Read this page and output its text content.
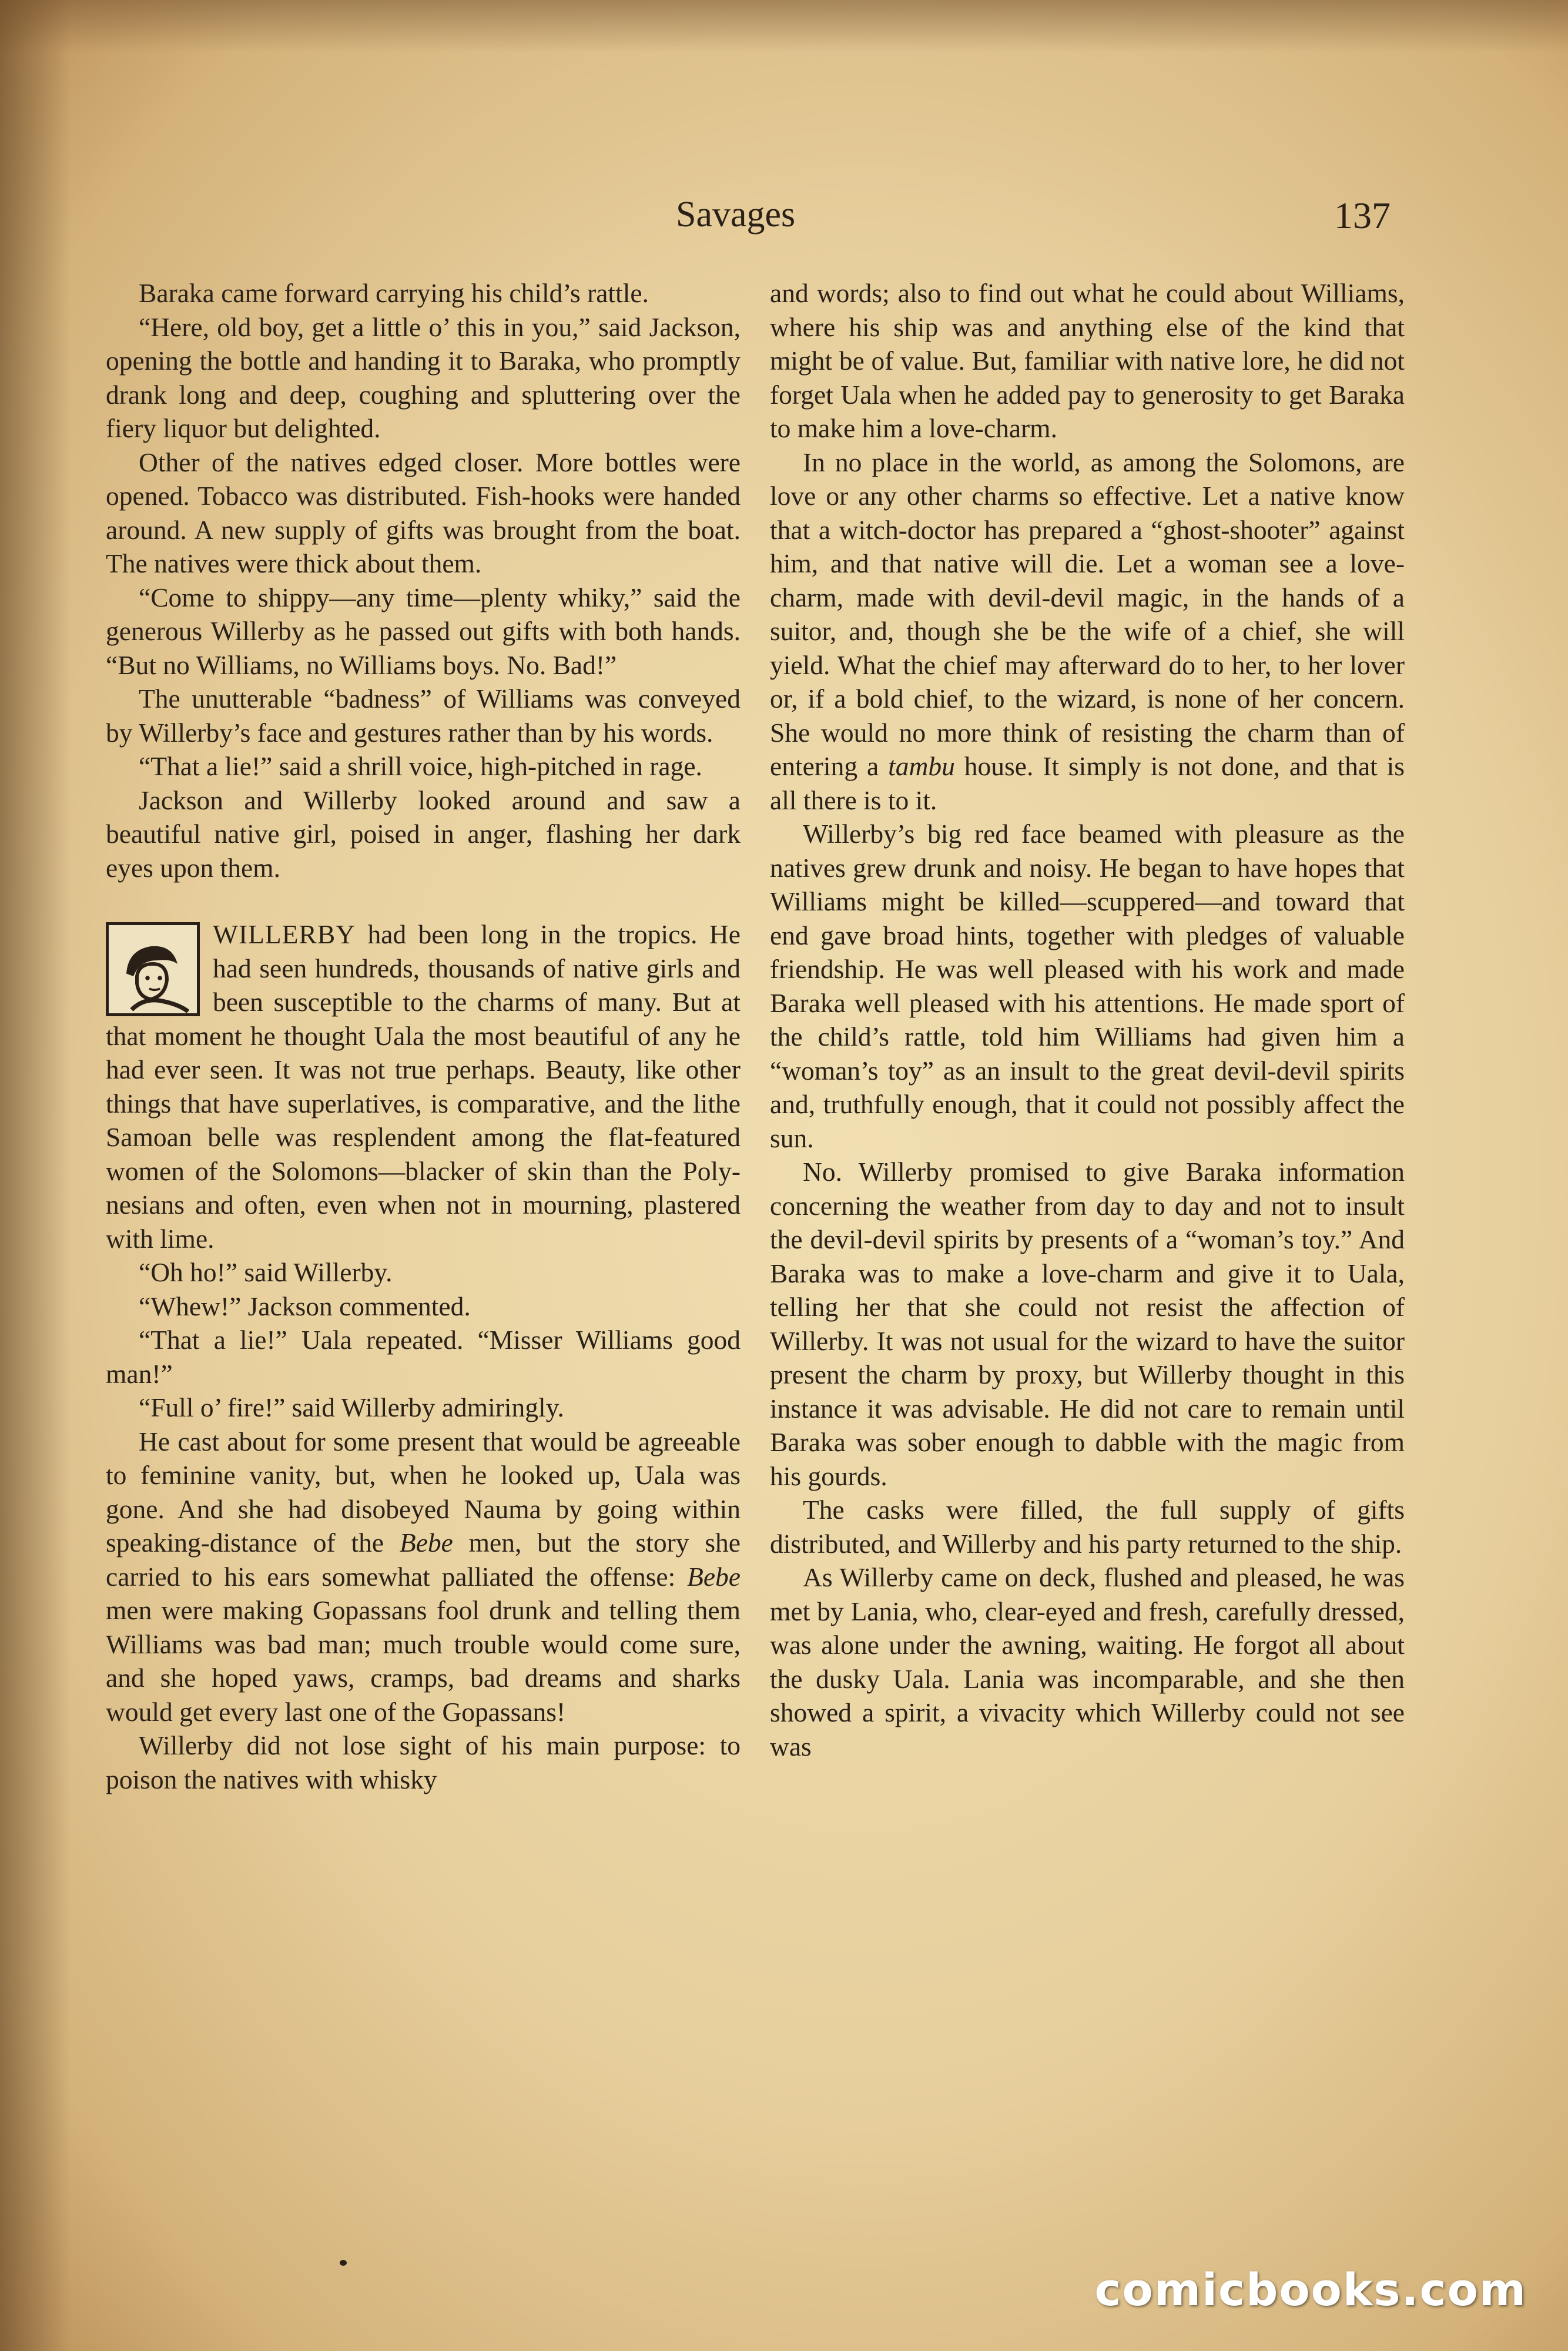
Savages	137

Baraka came forward carrying his child’s rattle.

“Here, old boy, get a little o’ this in you,” said Jackson, opening the bottle and handing it to Baraka, who promptly drank long and deep, coughing and spluttering over the fiery liquor but delighted.

Other of the natives edged closer. More bottles were opened. Tobacco was distributed. Fish-hooks were handed around. A new supply of gifts was brought from the boat. The natives were thick about them.

“Come to shippy—any time—plenty whiky,” said the generous Willerby as he passed out gifts with both hands. “But no Williams, no Williams boys. No. Bad!”

The unutterable “badness” of Williams was conveyed by Willerby’s face and gestures rather than by his words.

“That a lie!” said a shrill voice, high-pitched in rage.

Jackson and Willerby looked around and saw a beautiful native girl, poised in anger, flashing her dark eyes upon them.

WILLERBY had been long in the tropics. He had seen hundreds, thousands of native girls and been susceptible to the charms of many. But at that moment he thought Uala the most beautiful of any he had ever seen. It was not true perhaps. Beauty, like other things that have superlatives, is comparative, and the lithe Samoan belle was resplendent among the flat-featured women of the Solomons—blacker of skin than the Polynesians and often, even when not in mourning, plastered with lime.

“Oh ho!” said Willerby.

“Whew!” Jackson commented.

“That a lie!” Uala repeated. “Misser Williams good man!”

“Full o’ fire!” said Willerby admiringly.

He cast about for some present that would be agreeable to feminine vanity, but, when he looked up, Uala was gone. And she had disobeyed Nauma by going within speaking-distance of the Bebe men, but the story she carried to his ears somewhat palliated the offense: Bebe men were making Gopassans fool drunk and telling them Williams was bad man; much trouble would come sure, and she hoped yaws, cramps, bad dreams and sharks would get every last one of the Gopassans!

Willerby did not lose sight of his main purpose: to poison the natives with whisky

and words; also to find out what he could about Williams, where his ship was and anything else of the kind that might be of value. But, familiar with native lore, he did not forget Uala when he added pay to generosity to get Baraka to make him a love-charm.

In no place in the world, as among the Solomons, are love or any other charms so effective. Let a native know that a witch-doctor has prepared a “ghost-shooter” against him, and that native will die. Let a woman see a love-charm, made with devil-devil magic, in the hands of a suitor, and, though she be the wife of a chief, she will yield. What the chief may afterward do to her, to her lover or, if a bold chief, to the wizard, is none of her concern. She would no more think of resisting the charm than of entering a tambu house. It simply is not done, and that is all there is to it.

Willerby’s big red face beamed with pleasure as the natives grew drunk and noisy. He began to have hopes that Williams might be killed—scuppered—and toward that end gave broad hints, together with pledges of valuable friendship. He was well pleased with his work and made Baraka well pleased with his attentions. He made sport of the child’s rattle, told him Williams had given him a “woman’s toy” as an insult to the great devil-devil spirits and, truthfully enough, that it could not possibly affect the sun.

No. Willerby promised to give Baraka information concerning the weather from day to day and not to insult the devil-devil spirits by presents of a “woman’s toy.” And Baraka was to make a love-charm and give it to Uala, telling her that she could not resist the affection of Willerby. It was not usual for the wizard to have the suitor present the charm by proxy, but Willerby thought in this instance it was advisable. He did not care to remain until Baraka was sober enough to dabble with the magic from his gourds.

The casks were filled, the full supply of gifts distributed, and Willerby and his party returned to the ship.

As Willerby came on deck, flushed and pleased, he was met by Lania, who, clear-eyed and fresh, carefully dressed, was alone under the awning, waiting. He forgot all about the dusky Uala. Lania was incomparable, and she then showed a spirit, a vivacity which Willerby could not see was

comicbooks.com
